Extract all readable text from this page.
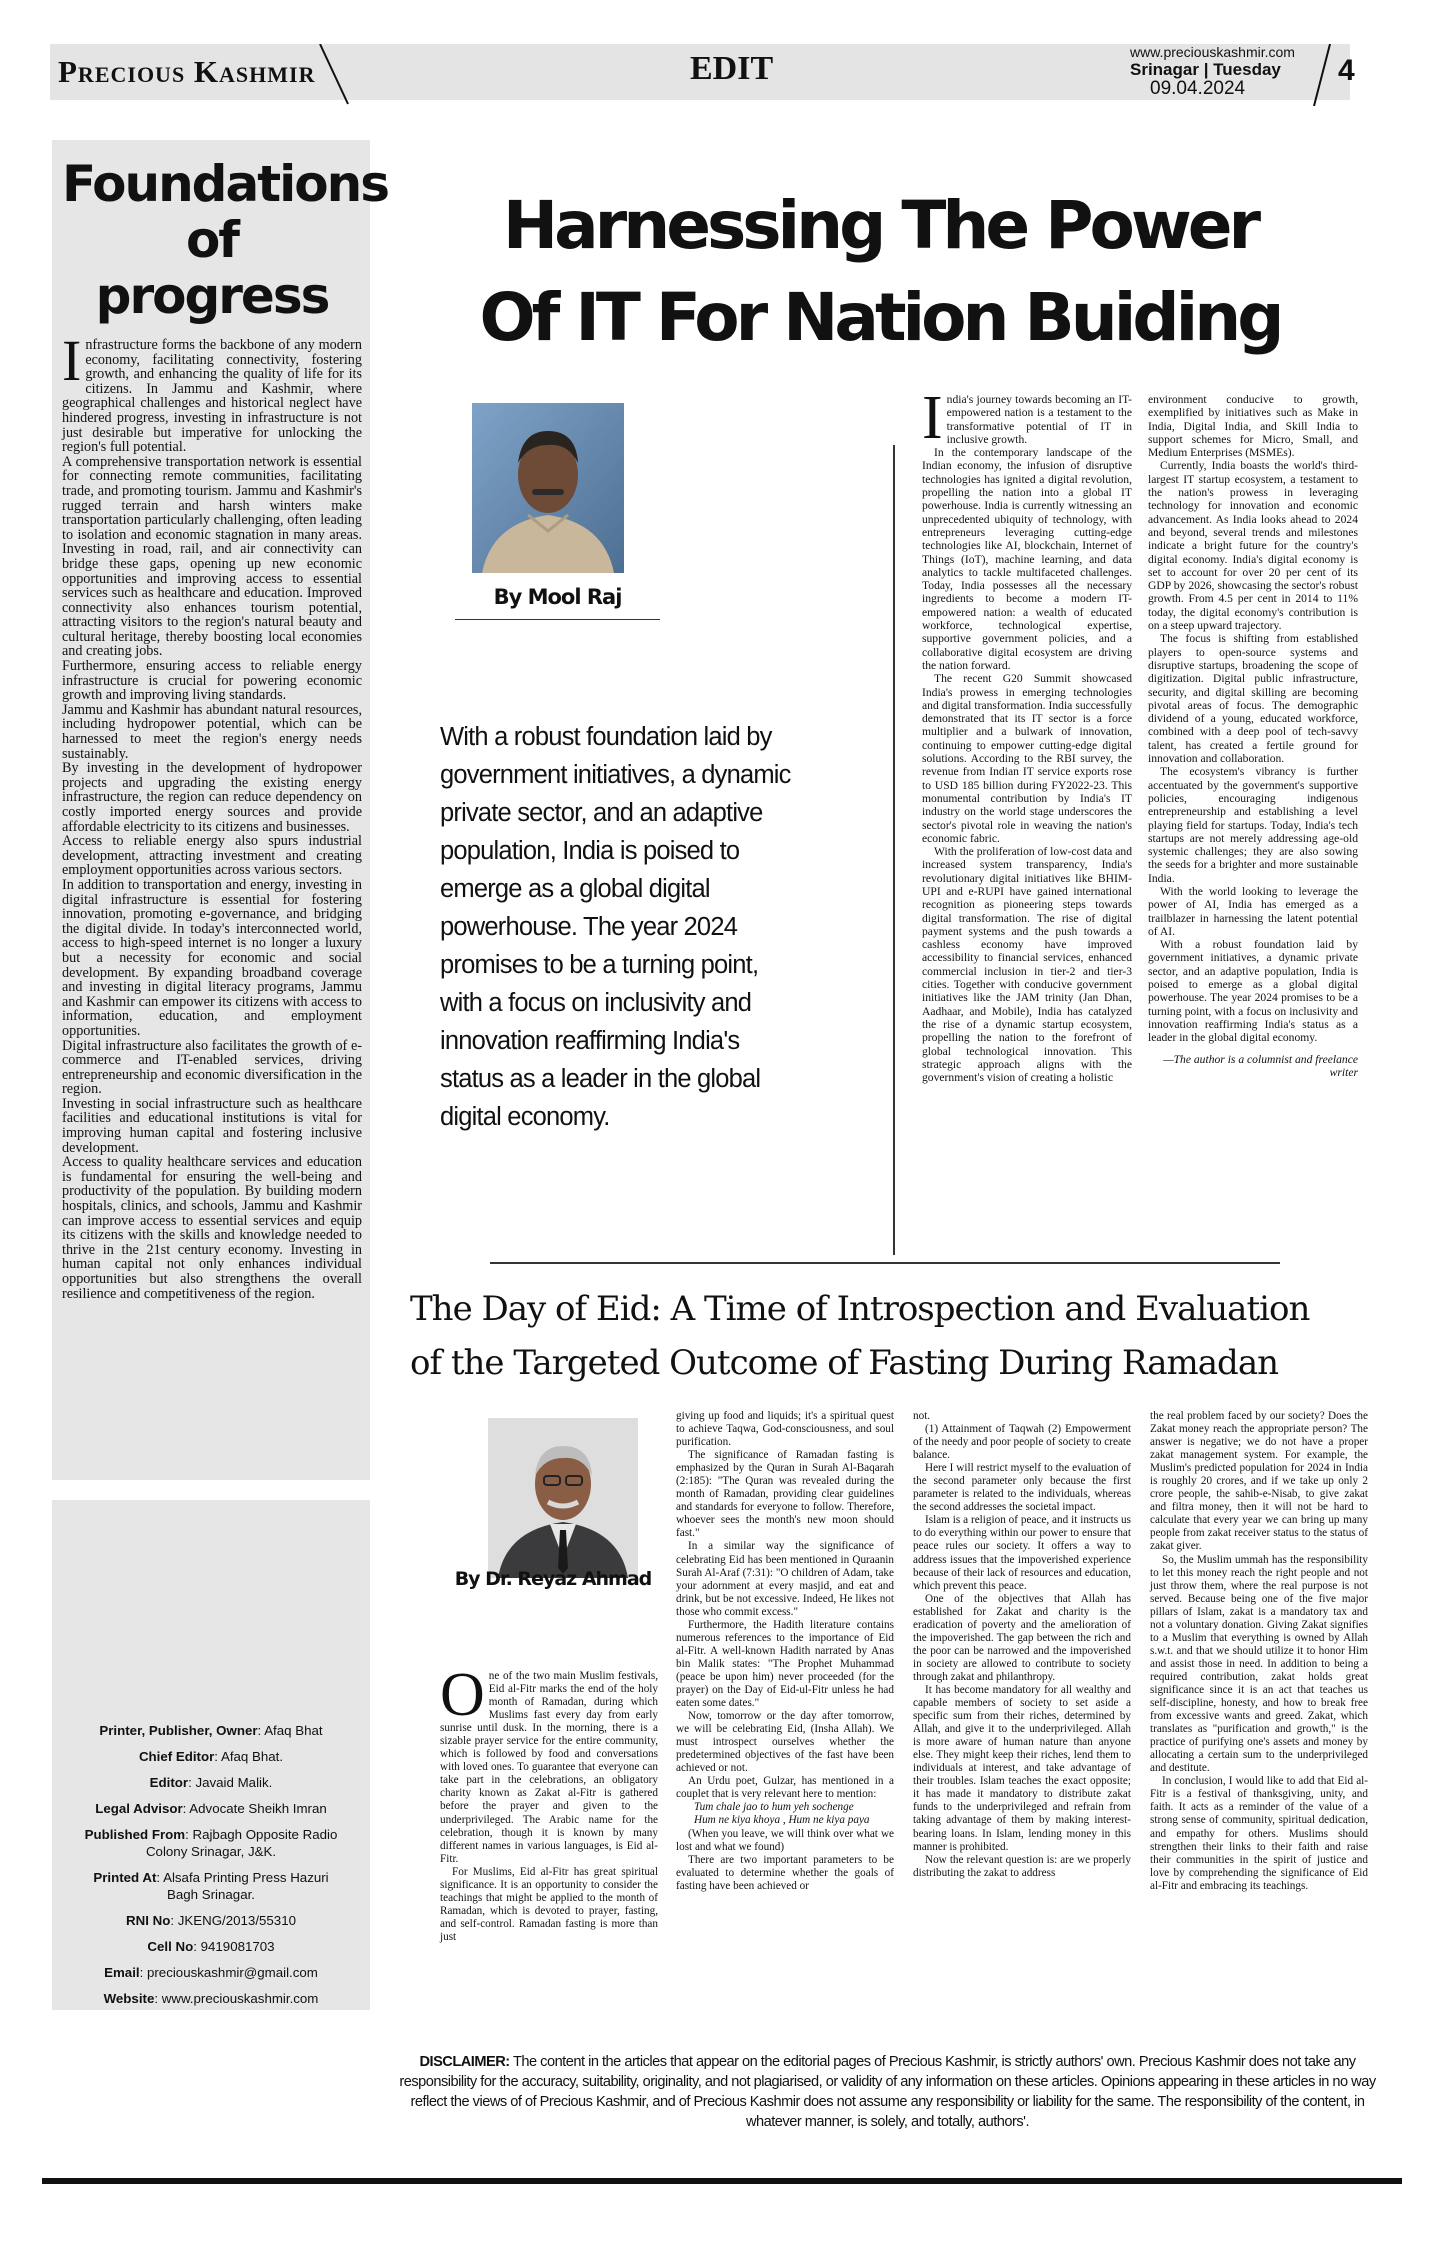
Precious Kashmir	EDIT	www.preciouskashmir.com
Srinagar | Tuesday
09.04.2024
4
Foundations
of progress
I nfrastructure forms the backbone of any modern economy, facilitating connectivity, fostering growth, and enhancing the quality of life for its citizens. In Jammu and Kashmir, where geographical challenges and historical neglect have hindered progress, investing in infrastructure is not just desirable but imperative for unlocking the region's full potential.

A comprehensive transportation network is essential for connecting remote communities, facilitating trade, and promoting tourism. Jammu and Kashmir's rugged terrain and harsh winters make transportation particularly challenging, often leading to isolation and economic stagnation in many areas. Investing in road, rail, and air connectivity can bridge these gaps, opening up new economic opportunities and improving access to essential services such as healthcare and education. Improved connectivity also enhances tourism potential, attracting visitors to the region's natural beauty and cultural heritage, thereby boosting local economies and creating jobs.

Furthermore, ensuring access to reliable energy infrastructure is crucial for powering economic growth and improving living standards.

Jammu and Kashmir has abundant natural resources, including hydropower potential, which can be harnessed to meet the region's energy needs sustainably.

By investing in the development of hydropower projects and upgrading the existing energy infrastructure, the region can reduce dependency on costly imported energy sources and provide affordable electricity to its citizens and businesses.

Access to reliable energy also spurs industrial development, attracting investment and creating employment opportunities across various sectors.

In addition to transportation and energy, investing in digital infrastructure is essential for fostering innovation, promoting e-governance, and bridging the digital divide. In today's interconnected world, access to high-speed internet is no longer a luxury but a necessity for economic and social development. By expanding broadband coverage and investing in digital literacy programs, Jammu and Kashmir can empower its citizens with access to information, education, and employment opportunities.

Digital infrastructure also facilitates the growth of e-commerce and IT-enabled services, driving entrepreneurship and economic diversification in the region.

Investing in social infrastructure such as healthcare facilities and educational institutions is vital for improving human capital and fostering inclusive development.

Access to quality healthcare services and education is fundamental for ensuring the well-being and productivity of the population. By building modern hospitals, clinics, and schools, Jammu and Kashmir can improve access to essential services and equip its citizens with the skills and knowledge needed to thrive in the 21st century economy. Investing in human capital not only enhances individual opportunities but also strengthens the overall resilience and competitiveness of the region.

Harnessing The Power
Of IT For Nation Buiding
By Mool Raj
With a robust foundation laid by government initiatives, a dynamic private sector, and an adaptive population, India is poised to emerge as a global digital powerhouse. The year 2024 promises to be a turning point, with a focus on inclusivity and innovation reaffirming India's status as a leader in the global digital economy.
I ndia's journey towards becoming an IT-empowered nation is a testament to the transformative potential of IT in inclusive growth.

In the contemporary landscape of the Indian economy, the infusion of disruptive technologies has ignited a digital revolution, propelling the nation into a global IT powerhouse. India is currently witnessing an unprecedented ubiquity of technology, with entrepreneurs leveraging cutting-edge technologies like AI, blockchain, Internet of Things (IoT), machine learning, and data analytics to tackle multifaceted challenges. Today, India possesses all the necessary ingredients to become a modern IT-empowered nation: a wealth of educated workforce, technological expertise, supportive government policies, and a collaborative digital ecosystem are driving the nation forward.

The recent G20 Summit showcased India's prowess in emerging technologies and digital transformation. India successfully demonstrated that its IT sector is a force multiplier and a bulwark of innovation, continuing to empower cutting-edge digital solutions. According to the RBI survey, the revenue from Indian IT service exports rose to USD 185 billion during FY2022-23. This monumental contribution by India's IT industry on the world stage underscores the sector's pivotal role in weaving the nation's economic fabric.

With the proliferation of low-cost data and increased system transparency, India's revolutionary digital initiatives like BHIM-UPI and e-RUPI have gained international recognition as pioneering steps towards digital transformation. The rise of digital payment systems and the push towards a cashless economy have improved accessibility to financial services, enhanced commercial inclusion in tier-2 and tier-3 cities. Together with conducive government initiatives like the JAM trinity (Jan Dhan, Aadhaar, and Mobile), India has catalyzed the rise of a dynamic startup ecosystem, propelling the nation to the forefront of global technological innovation. This strategic approach aligns with the government's vision of creating a holistic

environment conducive to growth, exemplified by initiatives such as Make in India, Digital India, and Skill India to support schemes for Micro, Small, and Medium Enterprises (MSMEs).

Currently, India boasts the world's third-largest IT startup ecosystem, a testament to the nation's prowess in leveraging technology for innovation and economic advancement. As India looks ahead to 2024 and beyond, several trends and milestones indicate a bright future for the country's digital economy. India's digital economy is set to account for over 20 per cent of its GDP by 2026, showcasing the sector's robust growth. From 4.5 per cent in 2014 to 11% today, the digital economy's contribution is on a steep upward trajectory.

The focus is shifting from established players to open-source systems and disruptive startups, broadening the scope of digitization. Digital public infrastructure, security, and digital skilling are becoming pivotal areas of focus. The demographic dividend of a young, educated workforce, combined with a deep pool of tech-savvy talent, has created a fertile ground for innovation and collaboration.

The ecosystem's vibrancy is further accentuated by the government's supportive policies, encouraging indigenous entrepreneurship and establishing a level playing field for startups. Today, India's tech startups are not merely addressing age-old systemic challenges; they are also sowing the seeds for a brighter and more sustainable India.

With the world looking to leverage the power of AI, India has emerged as a trailblazer in harnessing the latent potential of AI.

With a robust foundation laid by government initiatives, a dynamic private sector, and an adaptive population, India is poised to emerge as a global digital powerhouse. The year 2024 promises to be a turning point, with a focus on inclusivity and innovation reaffirming India's status as a leader in the global digital economy.

—The author is a columnist and freelance writer
The Day of Eid: A Time of Introspection and Evaluation
of the Targeted Outcome of Fasting During Ramadan
By Dr. Reyaz Ahmad
O ne of the two main Muslim festivals, Eid al-Fitr marks the end of the holy month of Ramadan, during which Muslims fast every day from early sunrise until dusk. In the morning, there is a sizable prayer service for the entire community, which is followed by food and conversations with loved ones. To guarantee that everyone can take part in the celebrations, an obligatory charity known as Zakat al-Fitr is gathered before the prayer and given to the underprivileged. The Arabic name for the celebration, though it is known by many different names in various languages, is Eid al-Fitr.

For Muslims, Eid al-Fitr has great spiritual significance. It is an opportunity to consider the teachings that might be applied to the month of Ramadan, which is devoted to prayer, fasting, and self-control. Ramadan fasting is more than just

giving up food and liquids; it's a spiritual quest to achieve Taqwa, God-consciousness, and soul purification.

The significance of Ramadan fasting is emphasized by the Quran in Surah Al-Baqarah (2:185): "The Quran was revealed during the month of Ramadan, providing clear guidelines and standards for everyone to follow. Therefore, whoever sees the month's new moon should fast."

In a similar way the significance of celebrating Eid has been mentioned in Quraanin Surah Al-Araf (7:31): "O children of Adam, take your adornment at every masjid, and eat and drink, but be not excessive. Indeed, He likes not those who commit excess."

Furthermore, the Hadith literature contains numerous references to the importance of Eid al-Fitr. A well-known Hadith narrated by Anas bin Malik states: "The Prophet Muhammad (peace be upon him) never proceeded (for the prayer) on the Day of Eid-ul-Fitr unless he had eaten some dates."

Now, tomorrow or the day after tomorrow, we will be celebrating Eid, (Insha Allah). We must introspect ourselves whether the predetermined objectives of the fast have been achieved or not.

An Urdu poet, Gulzar, has mentioned in a couplet that is very relevant here to mention:

Tum chale jao to hum yeh sochenge

Hum ne kiya khoya , Hum ne kiya paya

(When you leave, we will think over what we lost and what we found)

There are two important parameters to be evaluated to determine whether the goals of fasting have been achieved or

not.

(1) Attainment of Taqwah (2) Empowerment of the needy and poor people of society to create balance.

Here I will restrict myself to the evaluation of the second parameter only because the first parameter is related to the individuals, whereas the second addresses the societal impact.

Islam is a religion of peace, and it instructs us to do everything within our power to ensure that peace rules our society. It offers a way to address issues that the impoverished experience because of their lack of resources and education, which prevent this peace.

One of the objectives that Allah has established for Zakat and charity is the eradication of poverty and the amelioration of the impoverished. The gap between the rich and the poor can be narrowed and the impoverished in society are allowed to contribute to society through zakat and philanthropy.

It has become mandatory for all wealthy and capable members of society to set aside a specific sum from their riches, determined by Allah, and give it to the underprivileged. Allah is more aware of human nature than anyone else. They might keep their riches, lend them to individuals at interest, and take advantage of their troubles. Islam teaches the exact opposite; it has made it mandatory to distribute zakat funds to the underprivileged and refrain from taking advantage of them by making interest-bearing loans. In Islam, lending money in this manner is prohibited.

Now the relevant question is: are we properly distributing the zakat to address

the real problem faced by our society? Does the Zakat money reach the appropriate person? The answer is negative; we do not have a proper zakat management system. For example, the Muslim's predicted population for 2024 in India is roughly 20 crores, and if we take up only 2 crore people, the sahib-e-Nisab, to give zakat and filtra money, then it will not be hard to calculate that every year we can bring up many people from zakat receiver status to the status of zakat giver.

So, the Muslim ummah has the responsibility to let this money reach the right people and not just throw them, where the real purpose is not served. Because being one of the five major pillars of Islam, zakat is a mandatory tax and not a voluntary donation. Giving Zakat signifies to a Muslim that everything is owned by Allah s.w.t. and that we should utilize it to honor Him and assist those in need. In addition to being a required contribution, zakat holds great significance since it is an act that teaches us self-discipline, honesty, and how to break free from excessive wants and greed. Zakat, which translates as "purification and growth," is the practice of purifying one's assets and money by allocating a certain sum to the underprivileged and destitute.

In conclusion, I would like to add that Eid al-Fitr is a festival of thanksgiving, unity, and faith. It acts as a reminder of the value of a strong sense of community, spiritual dedication, and empathy for others. Muslims should strengthen their links to their faith and raise their communities in the spirit of justice and love by comprehending the significance of Eid al-Fitr and embracing its teachings.

Printer, Publisher, Owner: Afaq Bhat
Chief Editor: Afaq Bhat.
Editor: Javaid Malik.
Legal Advisor: Advocate Sheikh Imran
Published From: Rajbagh Opposite Radio Colony Srinagar, J&K.
Printed At: Alsafa Printing Press Hazuri Bagh Srinagar.
RNI No: JKENG/2013/55310
Cell No: 9419081703
Email: preciouskashmir@gmail.com
Website: www.preciouskashmir.com
DISCLAIMER: The content in the articles that appear on the editorial pages of Precious Kashmir, is strictly authors' own. Precious Kashmir does not take any responsibility for the accuracy, suitability, originality, and not plagiarised, or validity of any information on these articles. Opinions appearing in these articles in no way reflect the views of of Precious Kashmir, and of Precious Kashmir does not assume any responsibility or liability for the same. The responsibility of the content, in whatever manner, is solely, and totally, authors'.
